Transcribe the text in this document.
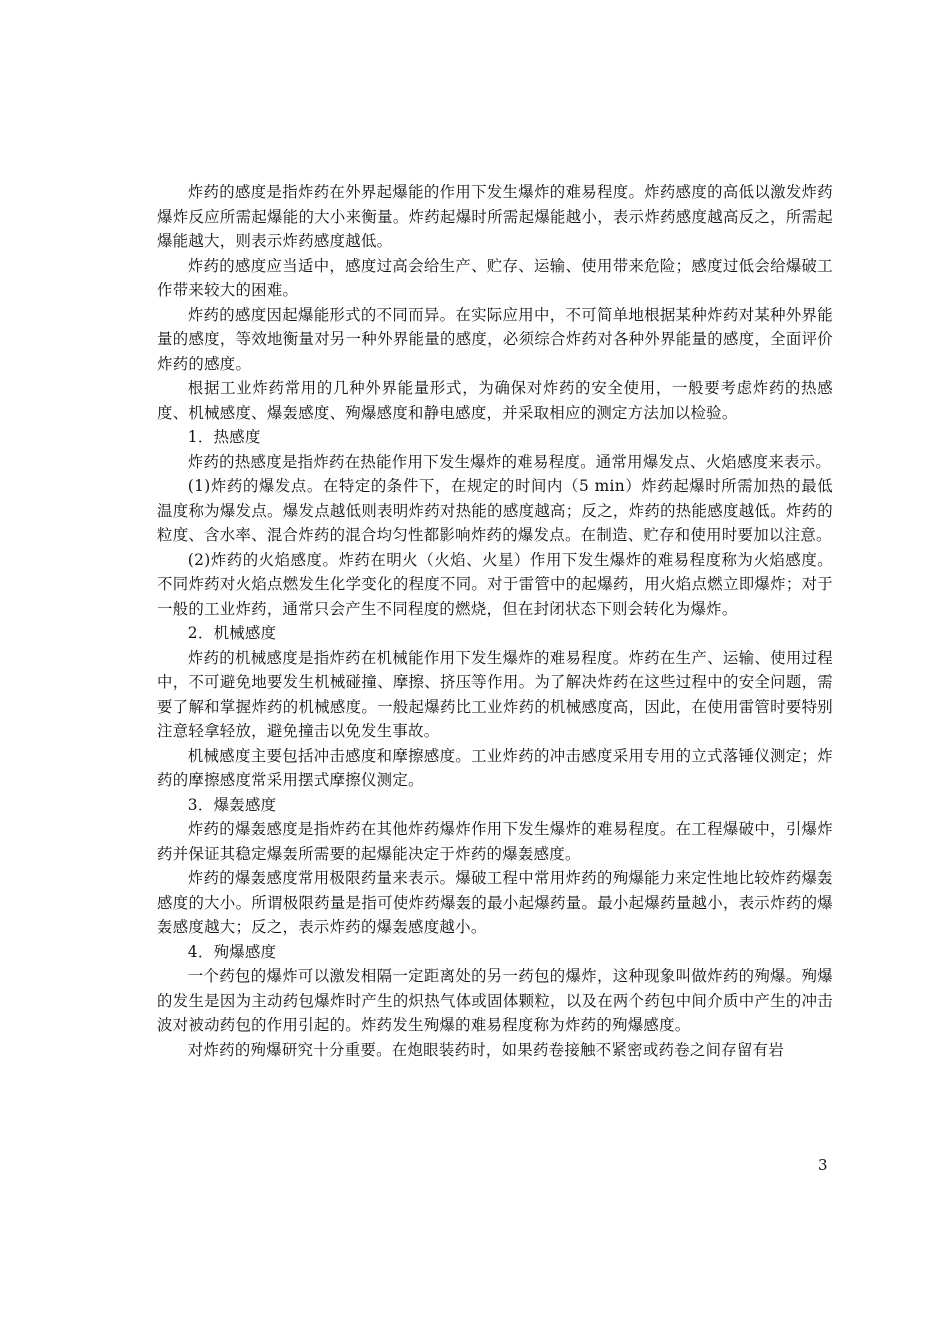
炸药的感度是指炸药在外界起爆能的作用下发生爆炸的难易程度。炸药感度的高低以激发炸药爆炸反应所需起爆能的大小来衡量。炸药起爆时所需起爆能越小，表示炸药感度越高反之，所需起爆能越大，则表示炸药感度越低。

炸药的感度应当适中，感度过高会给生产、贮存、运输、使用带来危险；感度过低会给爆破工作带来较大的困难。

炸药的感度因起爆能形式的不同而异。在实际应用中，不可简单地根据某种炸药对某种外界能量的感度，等效地衡量对另一种外界能量的感度，必须综合炸药对各种外界能量的感度，全面评价炸药的感度。

根据工业炸药常用的几种外界能量形式，为确保对炸药的安全使用，一般要考虑炸药的热感度、机械感度、爆轰感度、殉爆感度和静电感度，并采取相应的测定方法加以检验。

1．热感度

炸药的热感度是指炸药在热能作用下发生爆炸的难易程度。通常用爆发点、火焰感度来表示。

(1)炸药的爆发点。在特定的条件下，在规定的时间内（5 min）炸药起爆时所需加热的最低温度称为爆发点。爆发点越低则表明炸药对热能的感度越高；反之，炸药的热能感度越低。炸药的粒度、含水率、混合炸药的混合均匀性都影响炸药的爆发点。在制造、贮存和使用时要加以注意。

(2)炸药的火焰感度。炸药在明火（火焰、火星）作用下发生爆炸的难易程度称为火焰感度。不同炸药对火焰点燃发生化学变化的程度不同。对于雷管中的起爆药，用火焰点燃立即爆炸；对于一般的工业炸药，通常只会产生不同程度的燃烧，但在封闭状态下则会转化为爆炸。

2．机械感度

炸药的机械感度是指炸药在机械能作用下发生爆炸的难易程度。炸药在生产、运输、使用过程中，不可避免地要发生机械碰撞、摩擦、挤压等作用。为了解决炸药在这些过程中的安全问题，需要了解和掌握炸药的机械感度。一般起爆药比工业炸药的机械感度高，因此，在使用雷管时要特别注意轻拿轻放，避免撞击以免发生事故。

机械感度主要包括冲击感度和摩擦感度。工业炸药的冲击感度采用专用的立式落锤仪测定；炸药的摩擦感度常采用摆式摩擦仪测定。

3．爆轰感度

炸药的爆轰感度是指炸药在其他炸药爆炸作用下发生爆炸的难易程度。在工程爆破中，引爆炸药并保证其稳定爆轰所需要的起爆能决定于炸药的爆轰感度。

炸药的爆轰感度常用极限药量来表示。爆破工程中常用炸药的殉爆能力来定性地比较炸药爆轰感度的大小。所谓极限药量是指可使炸药爆轰的最小起爆药量。最小起爆药量越小，表示炸药的爆轰感度越大；反之，表示炸药的爆轰感度越小。

4．殉爆感度

一个药包的爆炸可以激发相隔一定距离处的另一药包的爆炸，这种现象叫做炸药的殉爆。殉爆的发生是因为主动药包爆炸时产生的炽热气体或固体颗粒，以及在两个药包中间介质中产生的冲击波对被动药包的作用引起的。炸药发生殉爆的难易程度称为炸药的殉爆感度。

对炸药的殉爆研究十分重要。在炮眼装药时，如果药卷接触不紧密或药卷之间存留有岩

3
